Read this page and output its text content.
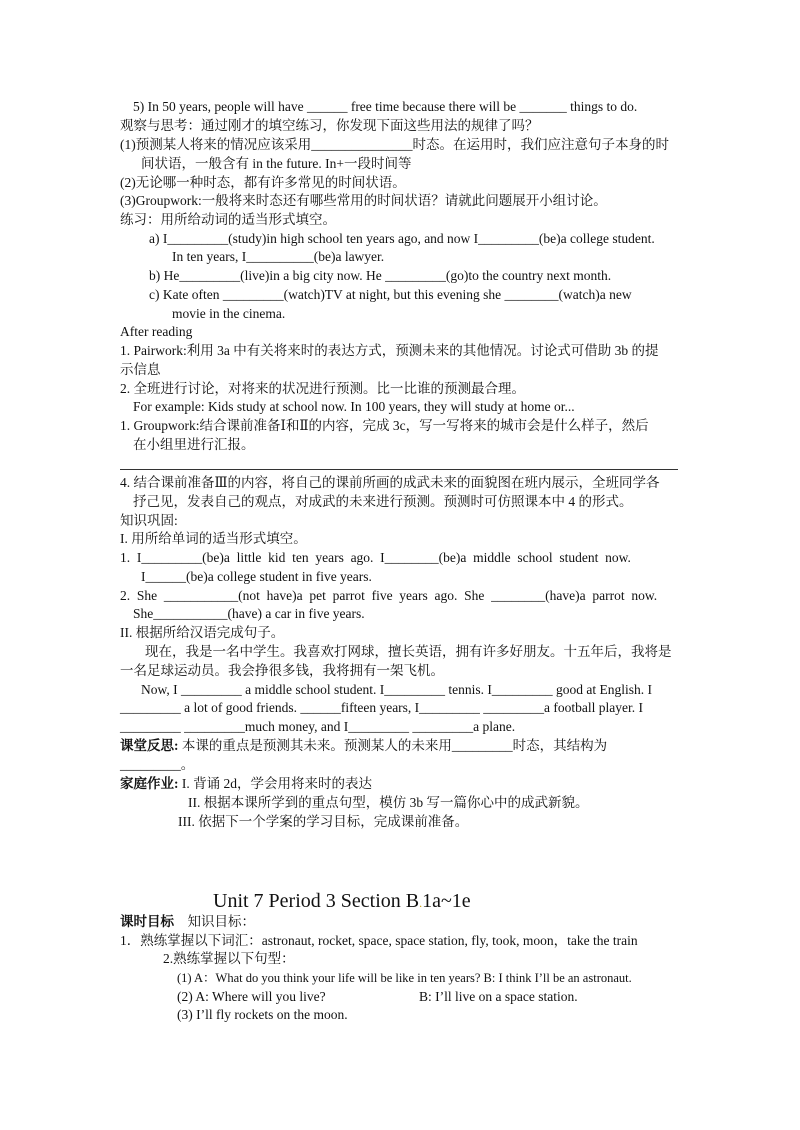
5) In 50 years, people will have ______ free time because there will be _______ things to do.
观察与思考：通过刚才的填空练习，你发现下面这些用法的规律了吗？
(1)预测某人将来的情况应该采用_______________时态。在运用时，我们应注意句子本身的时
间状语，一般含有 in the future. In+一段时间等
(2)无论哪一种时态，都有许多常见的时间状语。
(3)Groupwork:一般将来时态还有哪些常用的时间状语？请就此问题展开小组讨论。
练习：用所给动词的适当形式填空。
a) I_________(study)in high school ten years ago, and now I_________(be)a college student.
In ten years, I__________(be)a lawyer.
b) He_________(live)in a big city now. He _________(go)to the country next month.
c) Kate often _________(watch)TV at night, but this evening she ________(watch)a new
movie in the cinema.
After reading
1. Pairwork:利用 3a 中有关将来时的表达方式，预测未来的其他情况。讨论式可借助 3b 的提
示信息
2. 全班进行讨论，对将来的状况进行预测。比一比谁的预测最合理。
For example: Kids study at school now. In 100 years, they will study at home or...
1. Groupwork:结合课前准备Ⅰ和Ⅱ的内容，完成 3c，写一写将来的城市会是什么样子，然后
在小组里进行汇报。
4. 结合课前准备Ⅲ的内容，将自己的课前所画的成武未来的面貌图在班内展示，全班同学各
抒己见，发表自己的观点，对成武的未来进行预测。预测时可仿照课本中 4 的形式。
知识巩固:
I. 用所给单词的适当形式填空。
1.  I_________(be)a  little  kid  ten  years  ago.  I________(be)a  middle  school  student  now.
I______(be)a college student in five years.
2.  She  ___________(not  have)a  pet  parrot  five  years  ago.  She  ________(have)a  parrot  now.
She___________(have) a car in five years.
II. 根据所给汉语完成句子。
现在，我是一名中学生。我喜欢打网球，擅长英语，拥有许多好朋友。十五年后，我将是
一名足球运动员。我会挣很多钱，我将拥有一架飞机。
Now, I _________ a middle school student. I_________ tennis. I_________ good at English. I
_________ a lot of good friends. ______fifteen years, I_________ _________a football player. I
_________ _________much money, and I_________ _________a plane.
课堂反思: 本课的重点是预测其未来。预测某人的未来用_________时态，其结构为
_________。
家庭作业: I. 背诵 2d，学会用将来时的表达
II. 根据本课所学到的重点句型，模仿 3b 写一篇你心中的成武新貌。
III. 依据下一个学案的学习目标，完成课前准备。
Unit 7 Period 3 Section B.1a~1e
课时目标 知识目标：
1．熟练掌握以下词汇：astronaut, rocket, space, space station, fly, took, moon，take the train
2.熟练掌握以下句型：
(1) A：What do you think your life will be like in ten years? B: I think I’ll be an astronaut.
(2) A: Where will you live?	B: I’ll live on a space station.
(3) I’ll fly rockets on the moon.
